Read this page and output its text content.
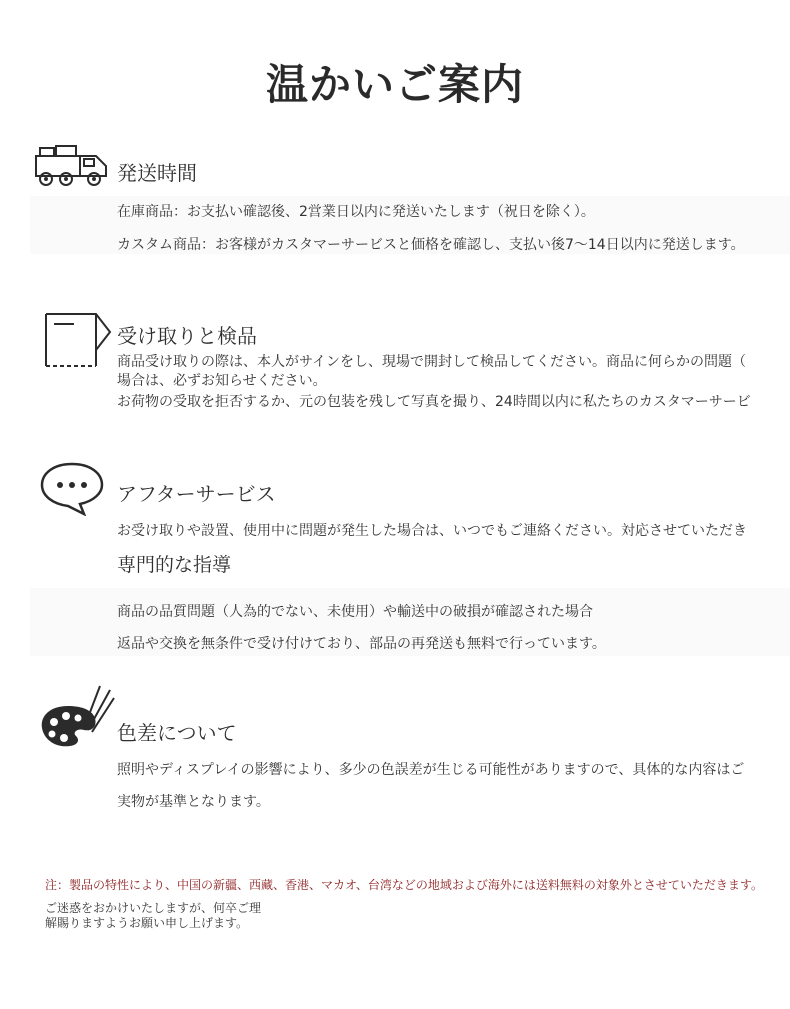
温かいご案内
発送時間
在庫商品：お支払い確認後、2営業日以内に発送いたします（祝日を除く）。
カスタム商品：お客様がカスタマーサービスと価格を確認し、支払い後7〜14日以内に発送します。
受け取りと検品
商品受け取りの際は、本人がサインをし、現場で開封して検品してください。商品に何らかの問題（
場合は、必ずお知らせください。
お荷物の受取を拒否するか、元の包装を残して写真を撮り、24時間以内に私たちのカスタマーサービ
アフターサービス
お受け取りや設置、使用中に問題が発生した場合は、いつでもご連絡ください。対応させていただき
専門的な指導
商品の品質問題（人為的でない、未使用）や輸送中の破損が確認された場合
返品や交換を無条件で受け付けており、部品の再発送も無料で行っています。
色差について
照明やディスプレイの影響により、多少の色誤差が生じる可能性がありますので、具体的な内容はご
実物が基準となります。
注：製品の特性により、中国の新疆、西藏、香港、マカオ、台湾などの地域および海外には送料無料の対象外とさせていただきます。
ご迷惑をおかけいたしますが、何卒ご理
解賜りますようお願い申し上げます。
